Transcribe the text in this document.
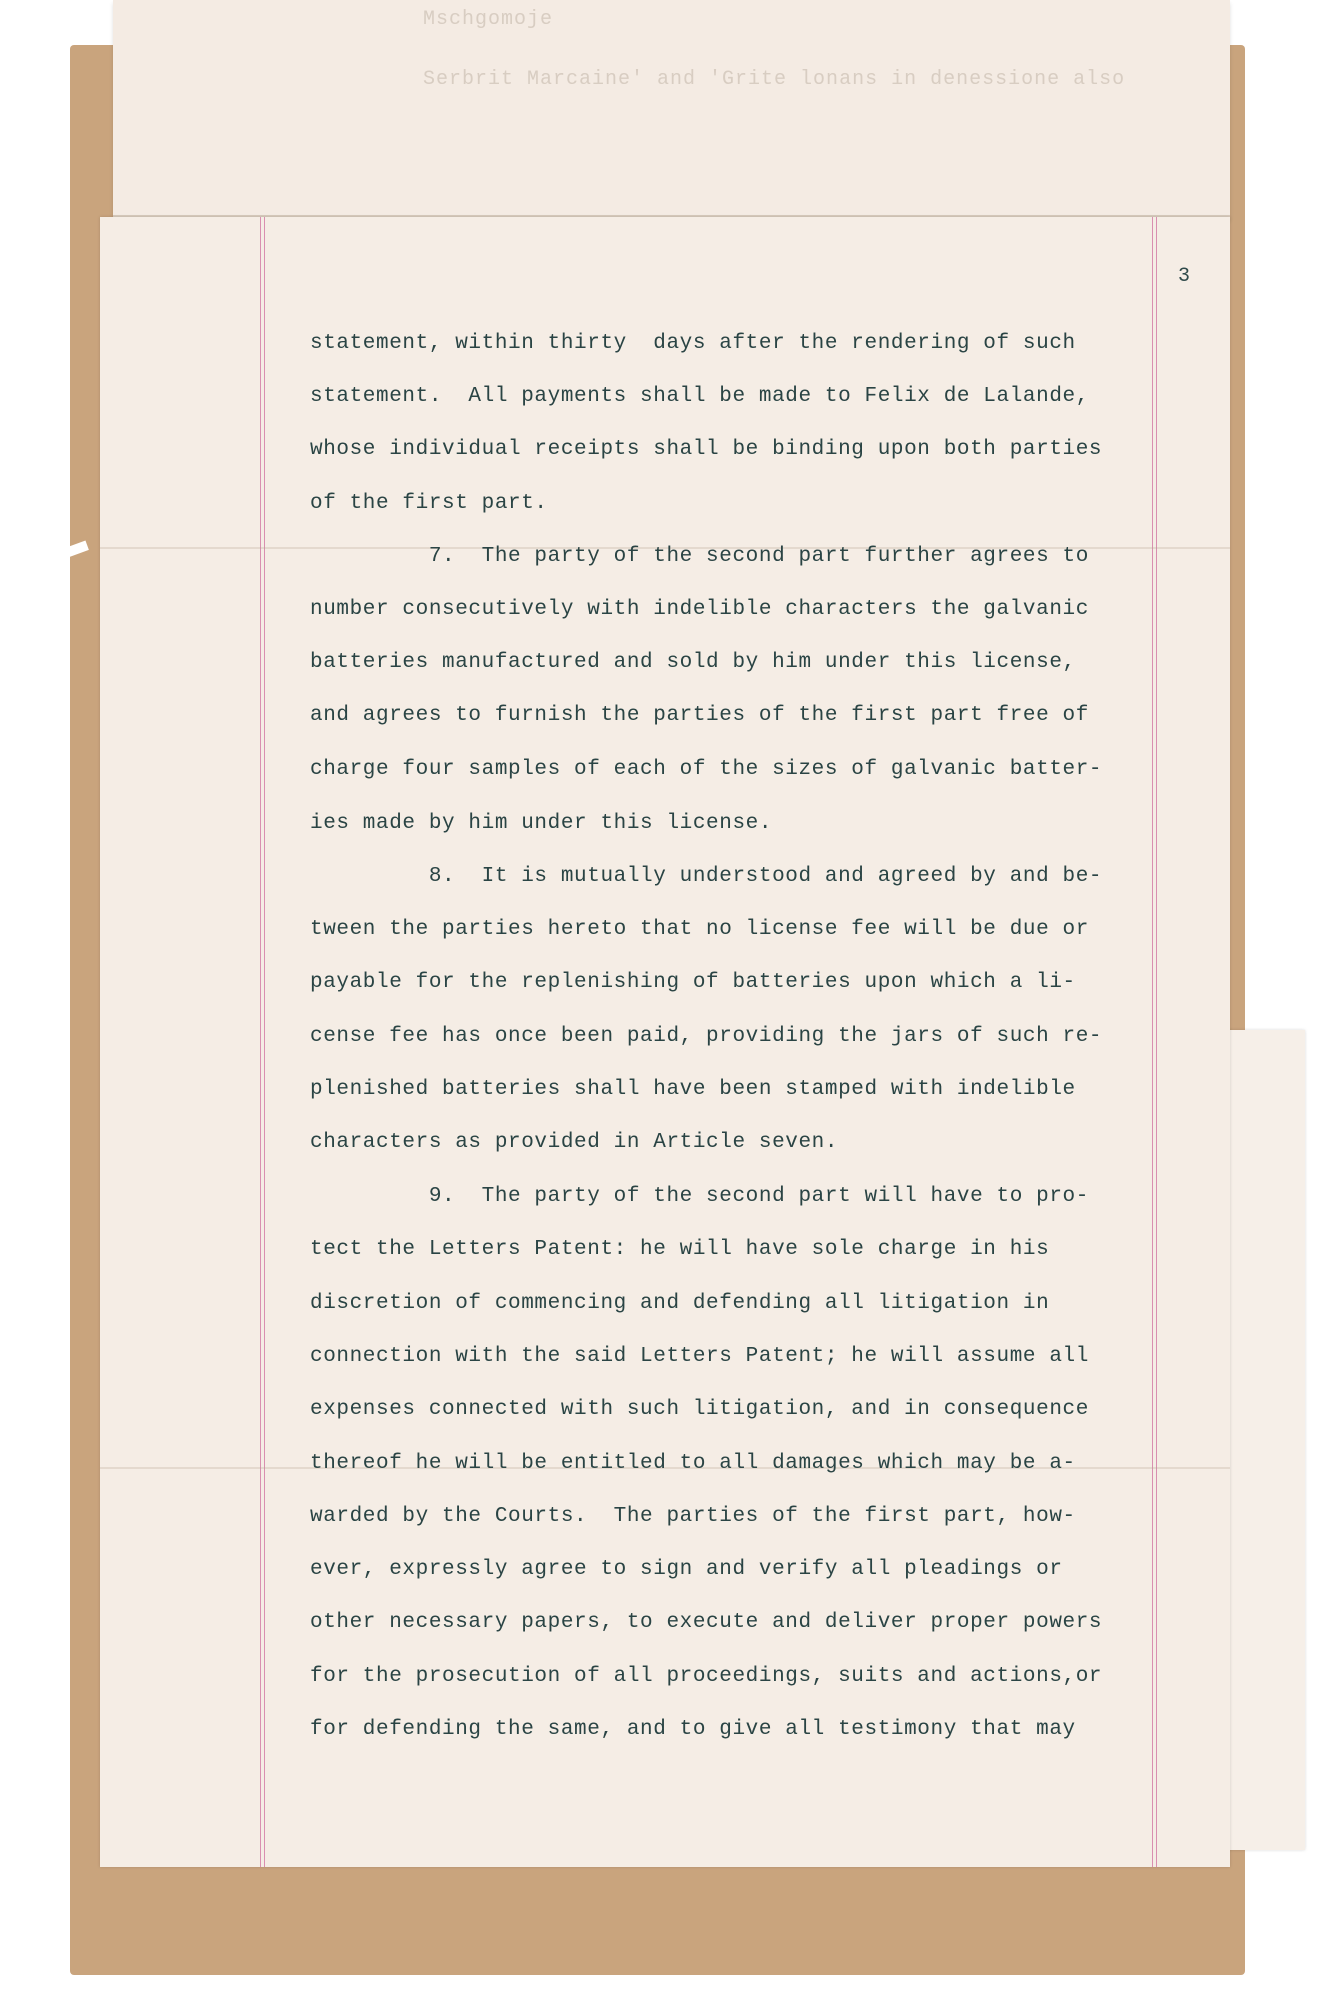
Mschgomoje
Serbrit Marcaine' and 'Grite lonans in denessione also
3
statement, within thirty  days after the rendering of such
statement.  All payments shall be made to Felix de Lalande,
whose individual receipts shall be binding upon both parties
of the first part.
7.  The party of the second part further agrees to
number consecutively with indelible characters the galvanic
batteries manufactured and sold by him under this license,
and agrees to furnish the parties of the first part free of
charge four samples of each of the sizes of galvanic batter-
ies made by him under this license.
8.  It is mutually understood and agreed by and be-
tween the parties hereto that no license fee will be due or
payable for the replenishing of batteries upon which a li-
cense fee has once been paid, providing the jars of such re-
plenished batteries shall have been stamped with indelible
characters as provided in Article seven.
9.  The party of the second part will have to pro-
tect the Letters Patent: he will have sole charge in his
discretion of commencing and defending all litigation in
connection with the said Letters Patent; he will assume all
expenses connected with such litigation, and in consequence
thereof he will be entitled to all damages which may be a-
warded by the Courts.  The parties of the first part, how-
ever, expressly agree to sign and verify all pleadings or
other necessary papers, to execute and deliver proper powers
for the prosecution of all proceedings, suits and actions,or
for defending the same, and to give all testimony that may
